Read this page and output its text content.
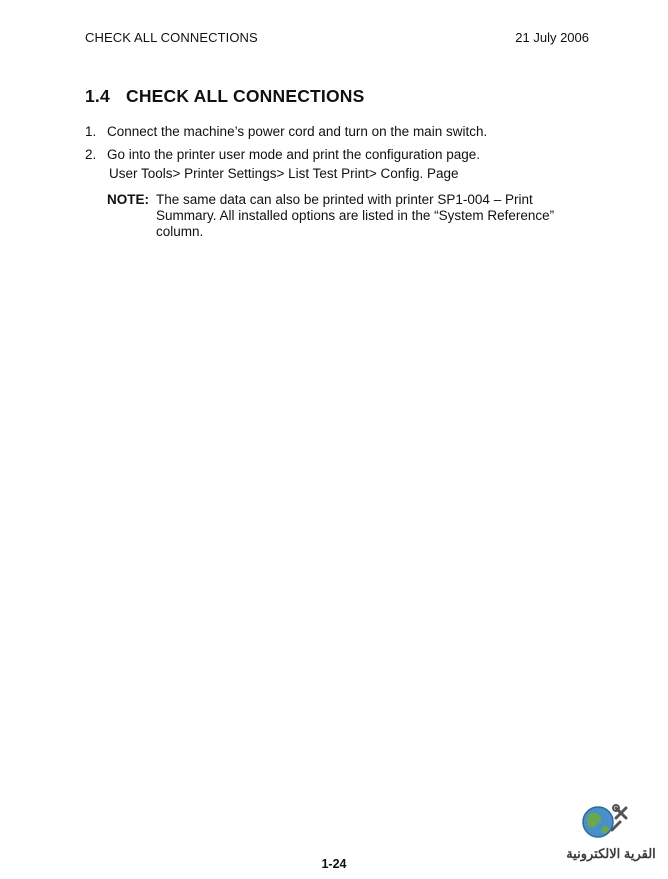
CHECK ALL CONNECTIONS	21 July 2006
1.4 CHECK ALL CONNECTIONS
1. Connect the machine’s power cord and turn on the main switch.
2. Go into the printer user mode and print the configuration page.
User Tools> Printer Settings> List Test Print> Config. Page
NOTE: The same data can also be printed with printer SP1-004 – Print Summary. All installed options are listed in the “System Reference” column.
1-24
القرية الالكترونية
